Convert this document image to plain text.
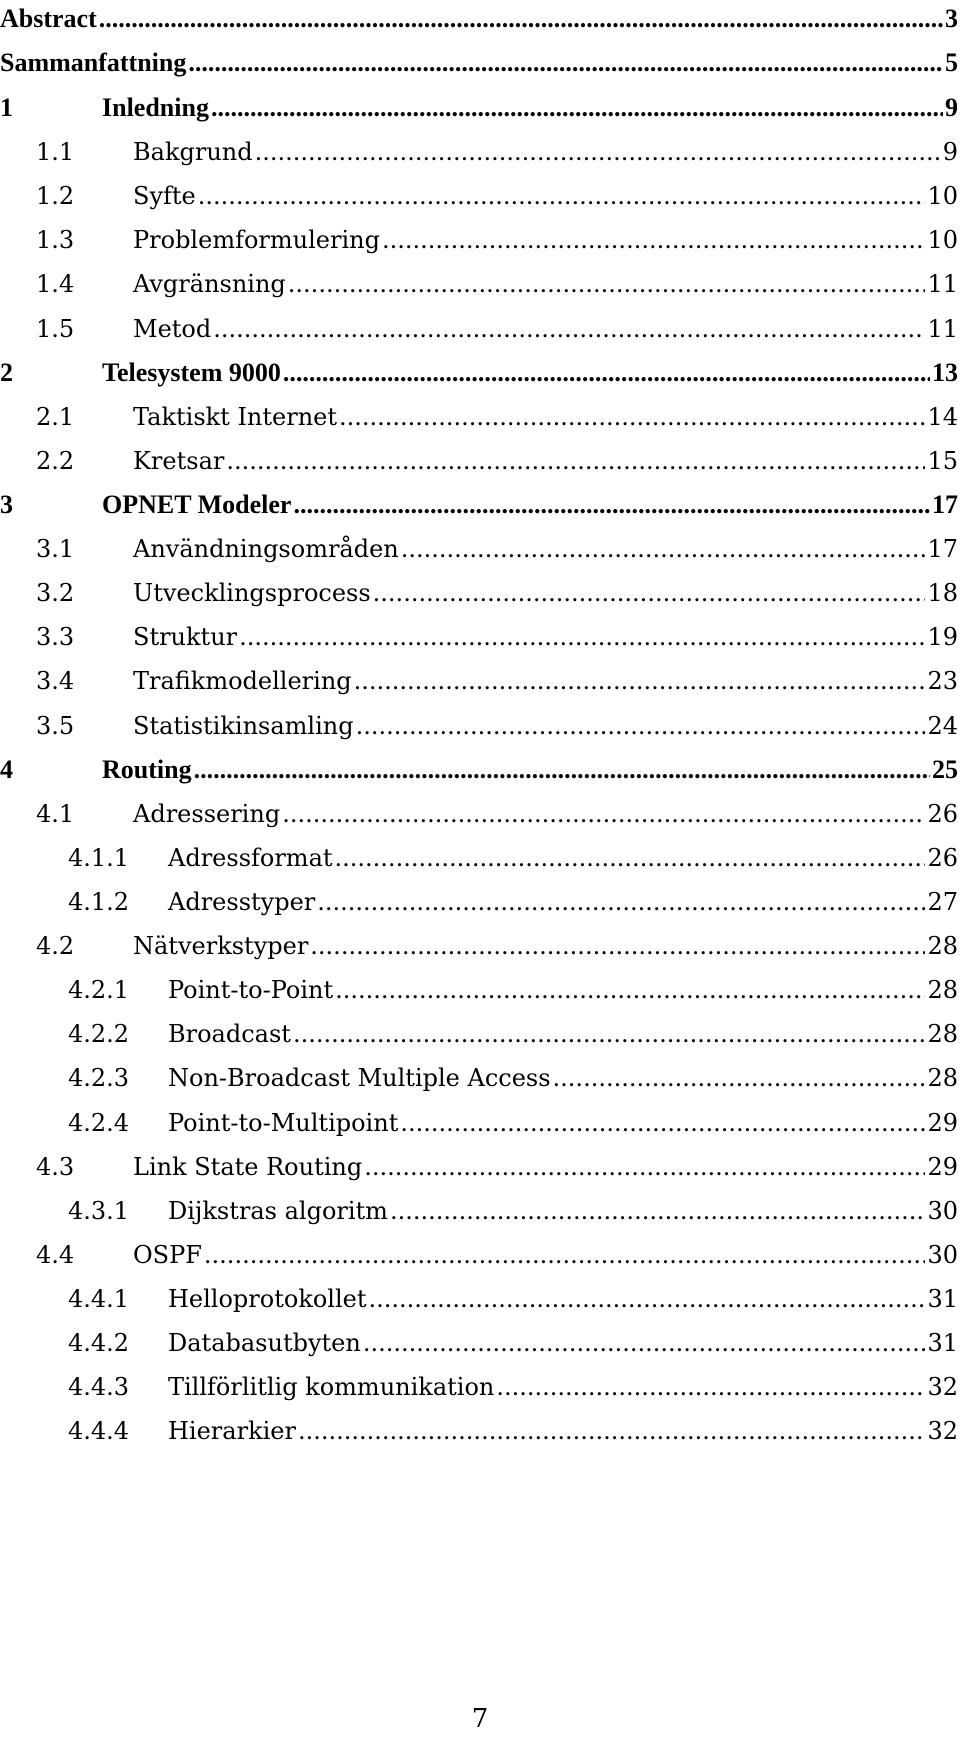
Abstract .....	3
Sammanfattning .....	5
1	Inledning .....	9
1.1	Bakgrund .....	9
1.2	Syfte .....	10
1.3	Problemformulering .....	10
1.4	Avgränsning .....	11
1.5	Metod .....	11
2	Telesystem 9000 .....	13
2.1	Taktiskt Internet .....	14
2.2	Kretsar .....	15
3	OPNET Modeler .....	17
3.1	Användningsområden .....	17
3.2	Utvecklingsprocess .....	18
3.3	Struktur .....	19
3.4	Trafikmodellering .....	23
3.5	Statistikinsamling .....	24
4	Routing .....	25
4.1	Adressering .....	26
4.1.1	Adressformat .....	26
4.1.2	Adresstyper .....	27
4.2	Nätverkstyper .....	28
4.2.1	Point-to-Point .....	28
4.2.2	Broadcast .....	28
4.2.3	Non-Broadcast Multiple Access .....	28
4.2.4	Point-to-Multipoint .....	29
4.3	Link State Routing .....	29
4.3.1	Dijkstras algoritm .....	30
4.4	OSPF .....	30
4.4.1	Helloprotokollet .....	31
4.4.2	Databasutbyten .....	31
4.4.3	Tillförlitlig kommunikation .....	32
4.4.4	Hierarkier .....	32
7
